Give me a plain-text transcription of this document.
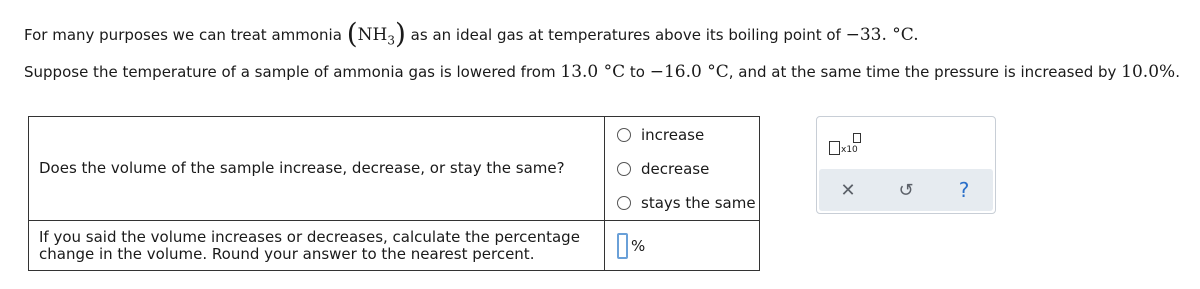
For many purposes we can treat ammonia $(NH_3)$ as an ideal gas at temperatures above its boiling point of −33. °C.
Suppose the temperature of a sample of ammonia gas is lowered from 13.0 °C to −16.0 °C, and at the same time the pressure is increased by 10.0%.
Does the volume of the sample increase, decrease, or stay the same?	increase
decrease
stays the same

If you said the volume increases or decreases, calculate the percentage change in the volume. Round your answer to the nearest percent.	%
x10
✕	↺	?
